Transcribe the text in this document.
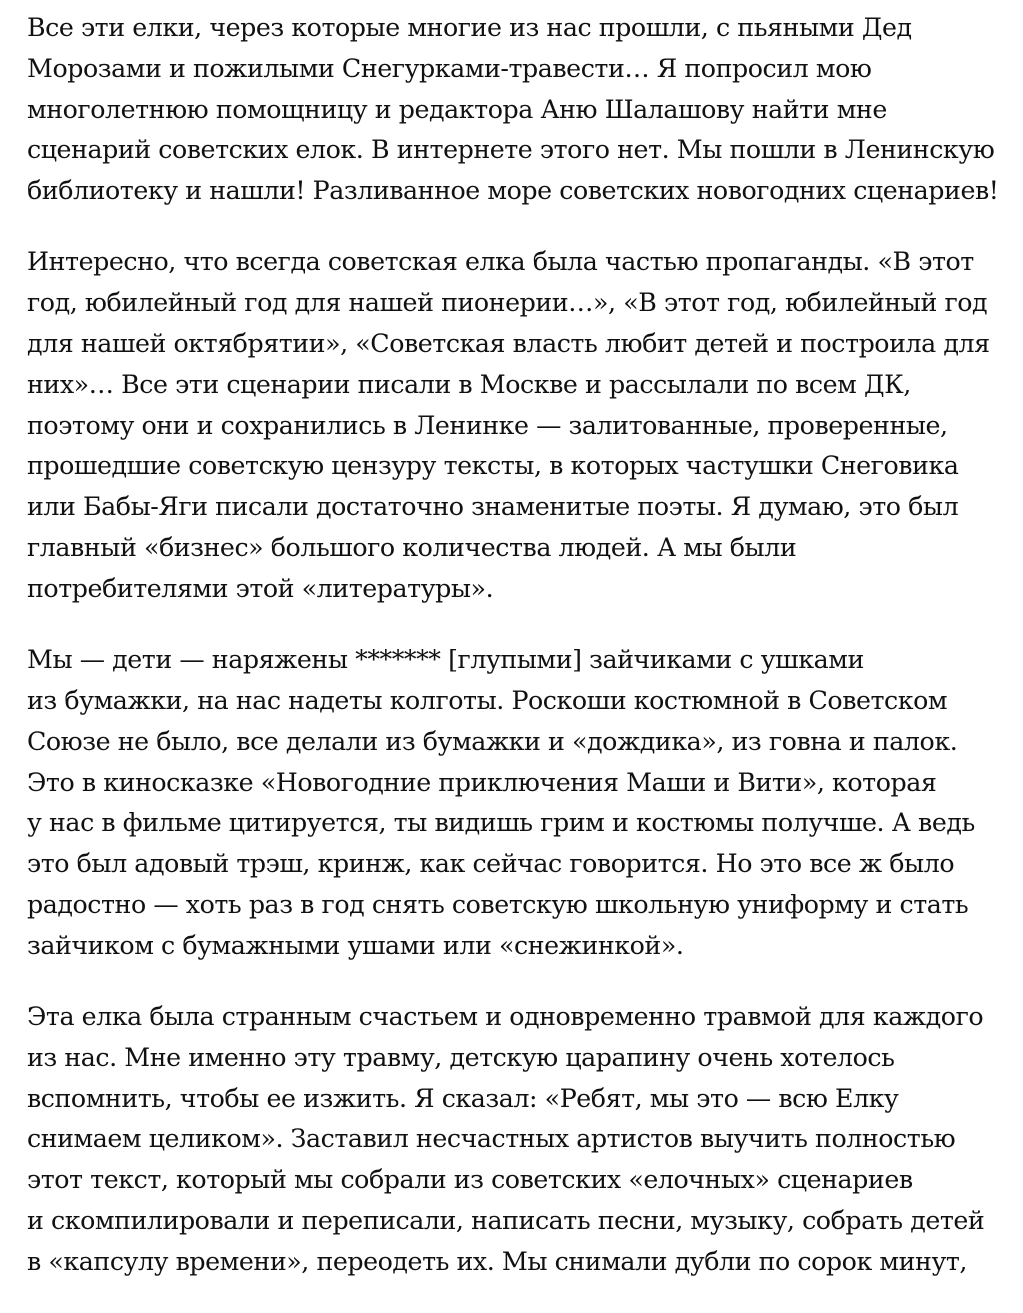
Все эти елки, через которые многие из нас прошли, с пьяными Дед
Морозами и пожилыми Снегурками-травести… Я попросил мою
многолетнюю помощницу и редактора Аню Шалашову найти мне
сценарий советских елок. В интернете этого нет. Мы пошли в Ленинскую
библиотеку и нашли! Разливанное море советских новогодних сценариев!

Интересно, что всегда советская елка была частью пропаганды. «В этот
год, юбилейный год для нашей пионерии…», «В этот год, юбилейный год
для нашей октябрятии», «Советская власть любит детей и построила для
них»… Все эти сценарии писали в Москве и рассылали по всем ДК,
поэтому они и сохранились в Ленинке — залитованные, проверенные,
прошедшие советскую цензуру тексты, в которых частушки Снеговика
или Бабы-Яги писали достаточно знаменитые поэты. Я думаю, это был
главный «бизнес» большого количества людей. А мы были
потребителями этой «литературы».

Мы — дети — наряжены ******* [глупыми] зайчиками с ушками
из бумажки, на нас надеты колготы. Роскоши костюмной в Советском
Союзе не было, все делали из бумажки и «дождика», из говна и палок.
Это в киносказке «Новогодние приключения Маши и Вити», которая
у нас в фильме цитируется, ты видишь грим и костюмы получше. А ведь
это был адовый трэш, кринж, как сейчас говорится. Но это все ж было
радостно — хоть раз в год снять советскую школьную униформу и стать
зайчиком с бумажными ушами или «снежинкой».

Эта елка была странным счастьем и одновременно травмой для каждого
из нас. Мне именно эту травму, детскую царапину очень хотелось
вспомнить, чтобы ее изжить. Я сказал: «Ребят, мы это — всю Елку
снимаем целиком». Заставил несчастных артистов выучить полностью
этот текст, который мы собрали из советских «елочных» сценариев
и скомпилировали и переписали, написать песни, музыку, собрать детей
в «капсулу времени», переодеть их. Мы снимали дубли по сорок минут,
